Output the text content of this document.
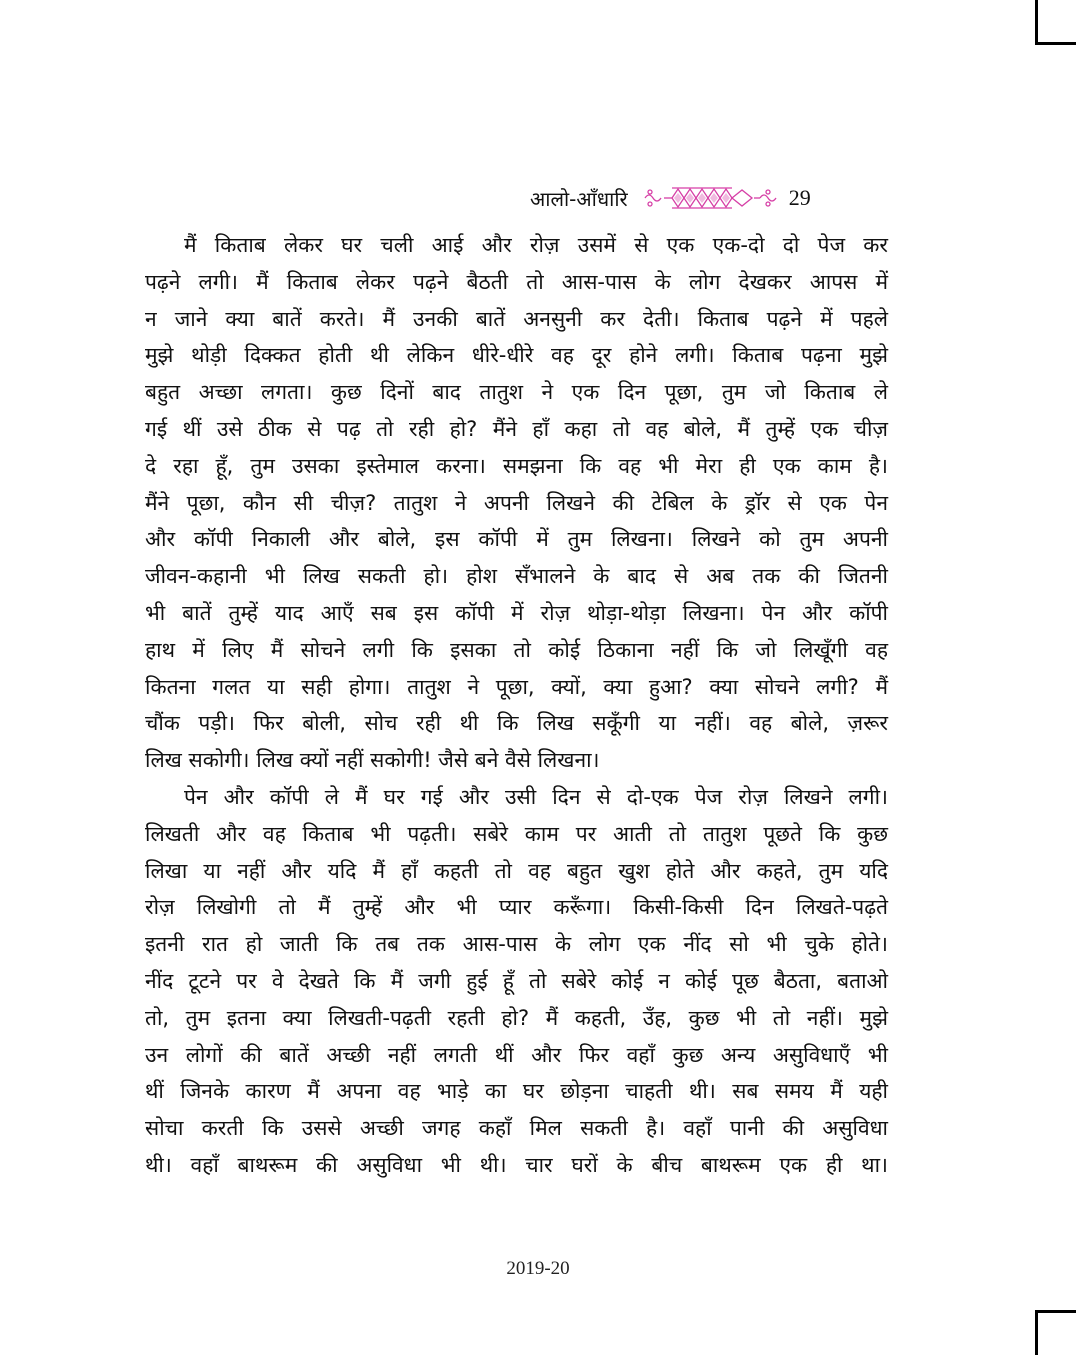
आलो-आँधारि	29
मैं किताब लेकर घर चली आई और रोज़ उसमें से एक एक-दो दो पेज कर
पढ़ने लगी। मैं किताब लेकर पढ़ने बैठती तो आस-पास के लोग देखकर आपस में
न जाने क्या बातें करते। मैं उनकी बातें अनसुनी कर देती। किताब पढ़ने में पहले
मुझे थोड़ी दिक्कत होती थी लेकिन धीरे-धीरे वह दूर होने लगी। किताब पढ़ना मुझे
बहुत अच्छा लगता। कुछ दिनों बाद तातुश ने एक दिन पूछा, तुम जो किताब ले
गई थीं उसे ठीक से पढ़ तो रही हो? मैंने हाँ कहा तो वह बोले, मैं तुम्हें एक चीज़
दे रहा हूँ, तुम उसका इस्तेमाल करना। समझना कि वह भी मेरा ही एक काम है।
मैंने पूछा, कौन सी चीज़? तातुश ने अपनी लिखने की टेबिल के ड्राॅर से एक पेन
और कॉपी निकाली और बोले, इस कॉपी में तुम लिखना। लिखने को तुम अपनी
जीवन-कहानी भी लिख सकती हो। होश सँभालने के बाद से अब तक की जितनी
भी बातें तुम्हें याद आएँ सब इस कॉपी में रोज़ थोड़ा-थोड़ा लिखना। पेन और कॉपी
हाथ में लिए मैं सोचने लगी कि इसका तो कोई ठिकाना नहीं कि जो लिखूँगी वह
कितना गलत या सही होगा। तातुश ने पूछा, क्यों, क्या हुआ? क्या सोचने लगी? मैं
चौंक पड़ी। फिर बोली, सोच रही थी कि लिख सकूँगी या नहीं। वह बोले, ज़रूर
लिख सकोगी। लिख क्यों नहीं सकोगी! जैसे बने वैसे लिखना।
पेन और कॉपी ले मैं घर गई और उसी दिन से दो-एक पेज रोज़ लिखने लगी।
लिखती और वह किताब भी पढ़ती। सबेरे काम पर आती तो तातुश पूछते कि कुछ
लिखा या नहीं और यदि मैं हाँ कहती तो वह बहुत खुश होते और कहते, तुम यदि
रोज़ लिखोगी तो मैं तुम्हें और भी प्यार करूँगा। किसी-किसी दिन लिखते-पढ़ते
इतनी रात हो जाती कि तब तक आस-पास के लोग एक नींद सो भी चुके होते।
नींद टूटने पर वे देखते कि मैं जगी हुई हूँ तो सबेरे कोई न कोई पूछ बैठता, बताओ
तो, तुम इतना क्या लिखती-पढ़ती रहती हो? मैं कहती, उँह, कुछ भी तो नहीं। मुझे
उन लोगों की बातें अच्छी नहीं लगती थीं और फिर वहाँ कुछ अन्य असुविधाएँ भी
थीं जिनके कारण मैं अपना वह भाड़े का घर छोड़ना चाहती थी। सब समय मैं यही
सोचा करती कि उससे अच्छी जगह कहाँ मिल सकती है। वहाँ पानी की असुविधा
थी। वहाँ बाथरूम की असुविधा भी थी। चार घरों के बीच बाथरूम एक ही था।
2019-20
